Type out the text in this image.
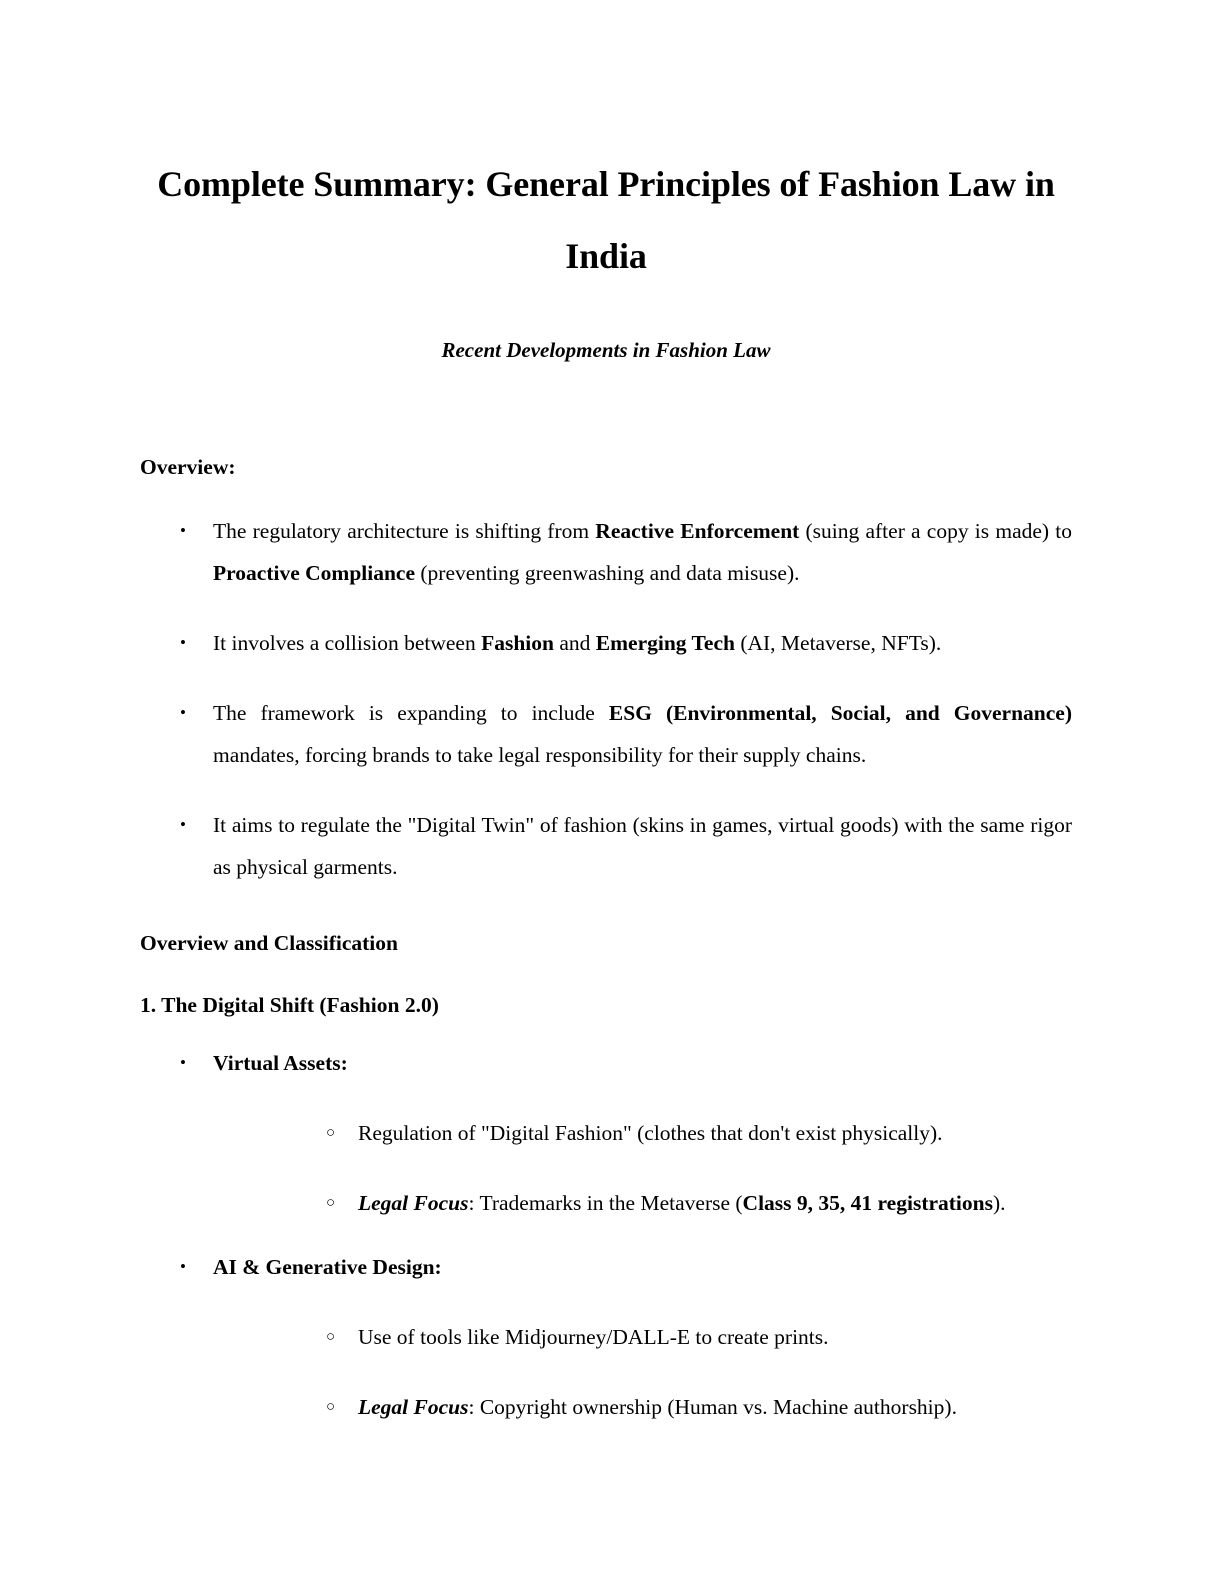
Complete Summary: General Principles of Fashion Law in India
Recent Developments in Fashion Law
Overview:
•	The regulatory architecture is shifting from Reactive Enforcement (suing after a copy is made) to Proactive Compliance (preventing greenwashing and data misuse).
•	It involves a collision between Fashion and Emerging Tech (AI, Metaverse, NFTs).
•	The framework is expanding to include ESG (Environmental, Social, and Governance) mandates, forcing brands to take legal responsibility for their supply chains.
•	It aims to regulate the "Digital Twin" of fashion (skins in games, virtual goods) with the same rigor as physical garments.
Overview and Classification
1. The Digital Shift (Fashion 2.0)
•	Virtual Assets:
○	Regulation of "Digital Fashion" (clothes that don't exist physically).
○	Legal Focus: Trademarks in the Metaverse (Class 9, 35, 41 registrations).
•	AI & Generative Design:
○	Use of tools like Midjourney/DALL-E to create prints.
○	Legal Focus: Copyright ownership (Human vs. Machine authorship).
